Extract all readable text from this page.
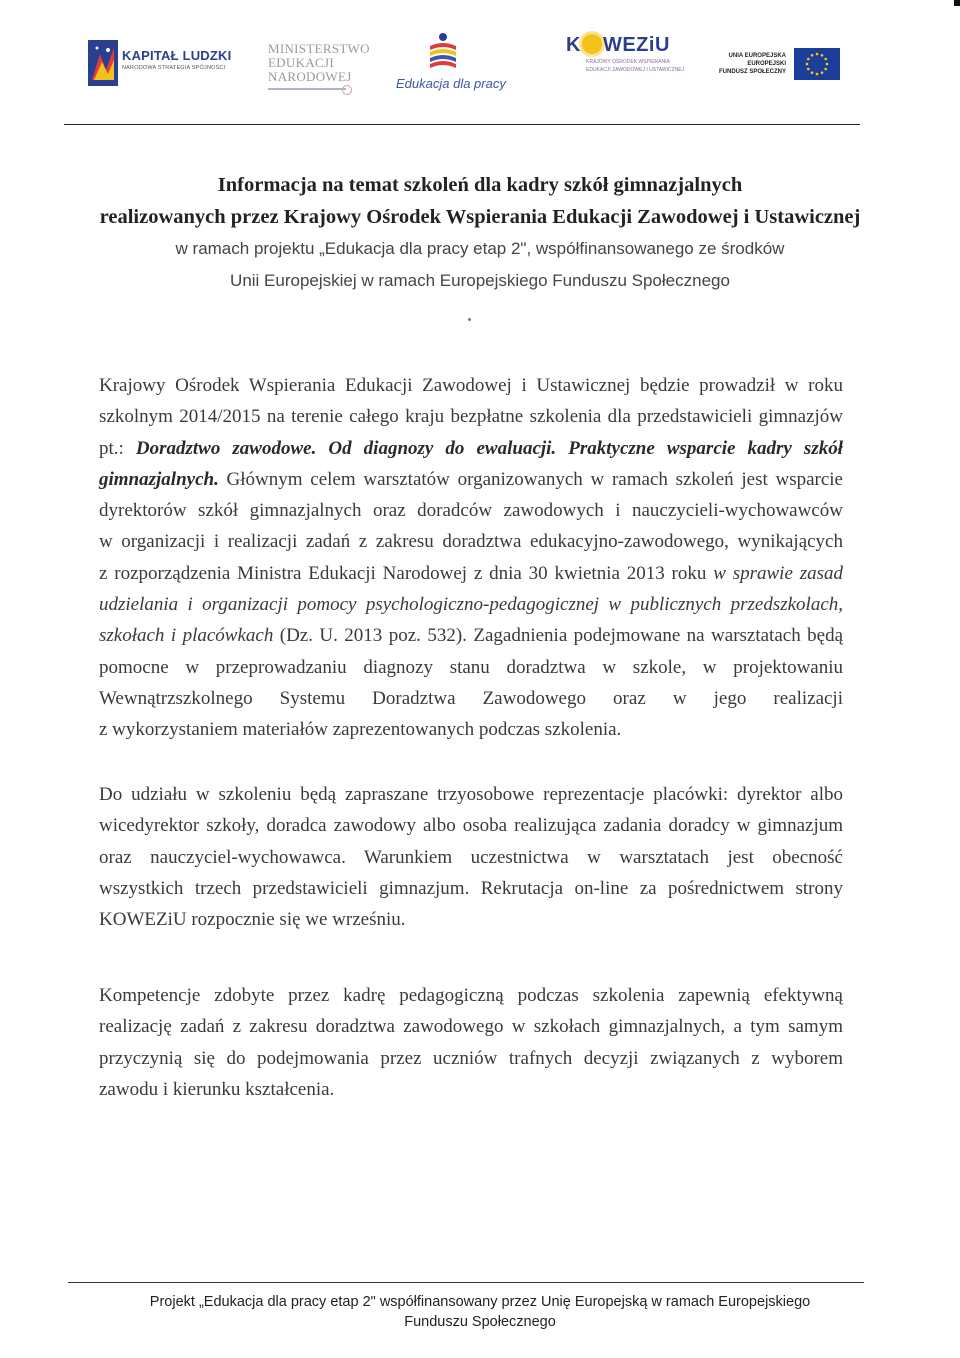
KAPITAŁ LUDZKI
NARODOWA STRATEGIA SPÓJNOŚCI
MINISTERSTWO
EDUKACJI
NARODOWEJ	Edukacja dla pracy
K WEZiU
KRAJOWY OŚRODEK WSPIERANIA
EDUKACJI ZAWODOWEJ I USTAWICZNEJ
UNIA EUROPEJSKA
EUROPEJSKI
FUNDUSZ SPOŁECZNY
Informacja na temat szkoleń dla kadry szkół gimnazjalnych
realizowanych przez Krajowy Ośrodek Wspierania Edukacji Zawodowej i Ustawicznej
w ramach projektu „Edukacja dla pracy etap 2", współfinansowanego ze środków
Unii Europejskiej w ramach Europejskiego Funduszu Społecznego
Krajowy Ośrodek Wspierania Edukacji Zawodowej i Ustawicznej będzie prowadził w roku
szkolnym 2014/2015 na terenie całego kraju bezpłatne szkolenia dla przedstawicieli gimnazjów
pt.: Doradztwo zawodowe. Od diagnozy do ewaluacji. Praktyczne wsparcie kadry szkół
gimnazjalnych. Głównym celem warsztatów organizowanych w ramach szkoleń jest wsparcie
dyrektorów szkół gimnazjalnych oraz doradców zawodowych i nauczycieli-wychowawców
w organizacji i realizacji zadań z zakresu doradztwa edukacyjno-zawodowego, wynikających
z rozporządzenia Ministra Edukacji Narodowej z dnia 30 kwietnia 2013 roku w sprawie zasad
udzielania i organizacji pomocy psychologiczno-pedagogicznej w publicznych przedszkolach,
szkołach i placówkach (Dz. U. 2013 poz. 532). Zagadnienia podejmowane na warsztatach będą
pomocne w przeprowadzaniu diagnozy stanu doradztwa w szkole, w projektowaniu
Wewnątrzszkolnego Systemu Doradztwa Zawodowego oraz w jego realizacji
z wykorzystaniem materiałów zaprezentowanych podczas szkolenia.
Do udziału w szkoleniu będą zapraszane trzyosobowe reprezentacje placówki: dyrektor albo
wicedyrektor szkoły, doradca zawodowy albo osoba realizująca zadania doradcy w gimnazjum
oraz nauczyciel-wychowawca. Warunkiem uczestnictwa w warsztatach jest obecność
wszystkich trzech przedstawicieli gimnazjum. Rekrutacja on-line za pośrednictwem strony
KOWEZiU rozpocznie się we wrześniu.
Kompetencje zdobyte przez kadrę pedagogiczną podczas szkolenia zapewnią efektywną
realizację zadań z zakresu doradztwa zawodowego w szkołach gimnazjalnych, a tym samym
przyczynią się do podejmowania przez uczniów trafnych decyzji związanych z wyborem
zawodu i kierunku kształcenia.
Projekt „Edukacja dla pracy etap 2" współfinansowany przez Unię Europejską w ramach Europejskiego
Funduszu Społecznego
